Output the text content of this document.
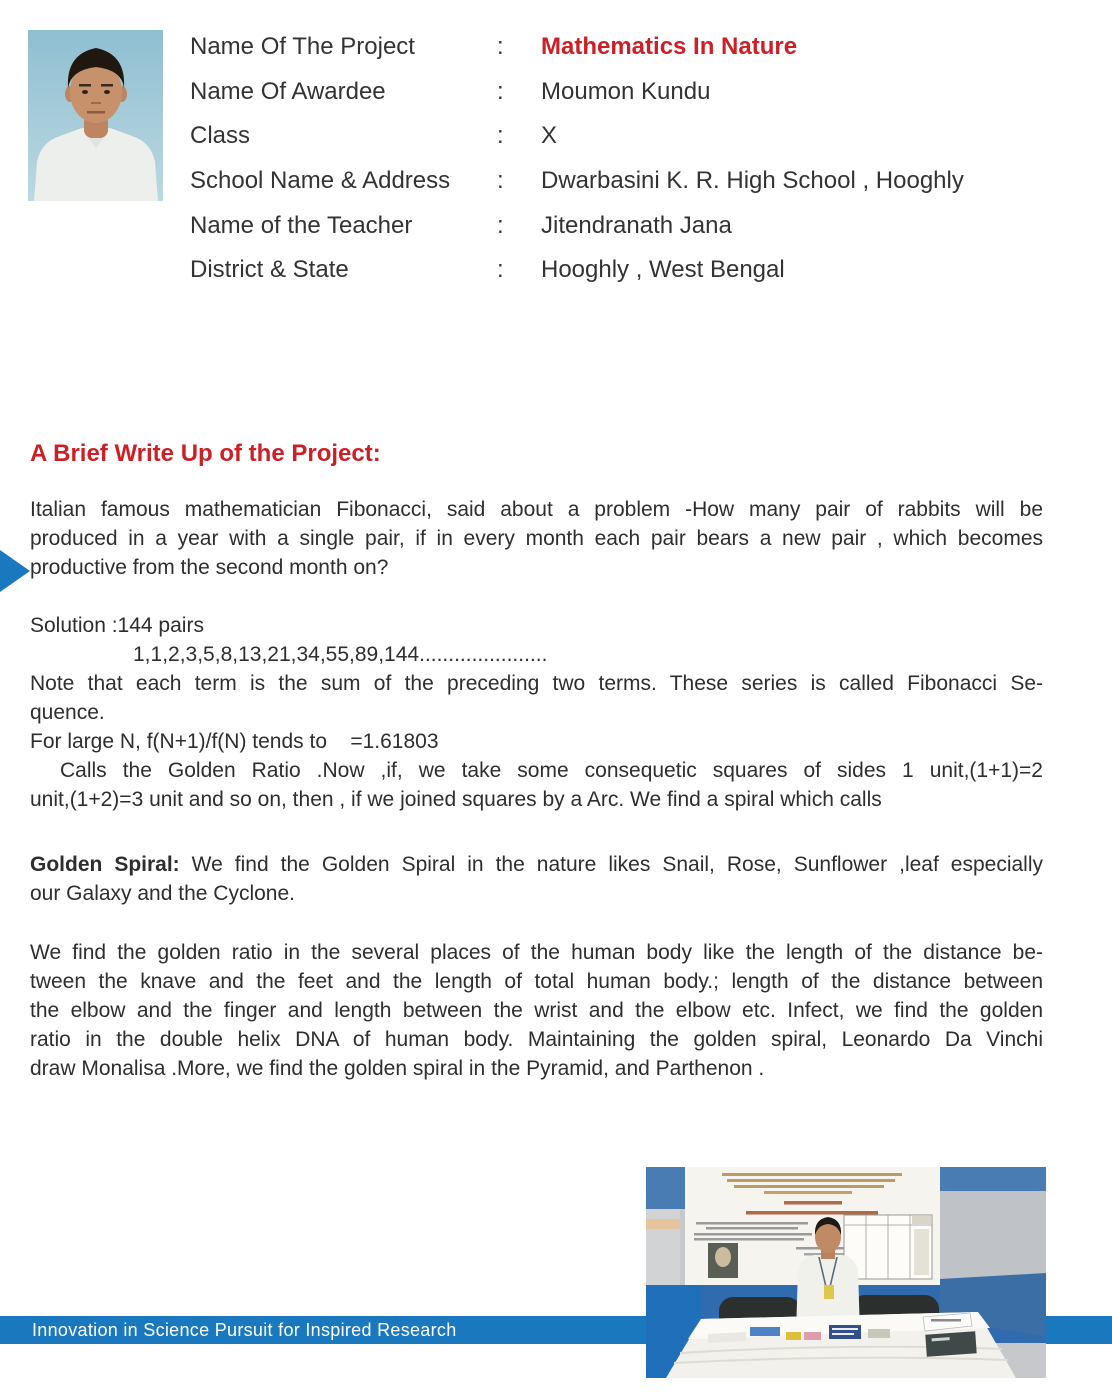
Name Of The Project	:	Mathematics In Nature
Name Of Awardee	:	Moumon Kundu
Class	:	X
School Name & Address	:	Dwarbasini K. R. High School , Hooghly
Name of the Teacher	:	Jitendranath Jana
District & State	:	Hooghly , West Bengal
A Brief Write Up of the Project:
Italian famous mathematician Fibonacci, said about a problem -How many pair of rabbits will be
produced in a year with a single pair, if in every month each pair bears a new pair , which becomes
productive from the second month on?
Solution :144 pairs
1,1,2,3,5,8,13,21,34,55,89,144......................
Note that each term is the sum of the preceding two terms. These series is called Fibonacci Se-
quence.
For large N, f(N+1)/f(N) tends to    =1.61803
Calls the Golden Ratio .Now ,if, we take some consequetic squares of sides 1 unit,(1+1)=2
unit,(1+2)=3 unit and so on, then , if we joined squares by a Arc. We find a spiral which calls
Golden Spiral: We find the Golden Spiral in the nature likes Snail, Rose, Sunflower ,leaf especially
our Galaxy and the Cyclone.
We find the golden ratio in the several places of the human body like the length of the distance be-
tween the knave and the feet and the length of total human body.; length of the distance between
the elbow and the finger and length between the wrist and the elbow etc. Infect, we find the golden
ratio in the double helix DNA of human body. Maintaining the golden spiral, Leonardo Da Vinchi
draw Monalisa .More, we find the golden spiral in the Pyramid, and Parthenon .
Innovation in Science Pursuit for Inspired Research
